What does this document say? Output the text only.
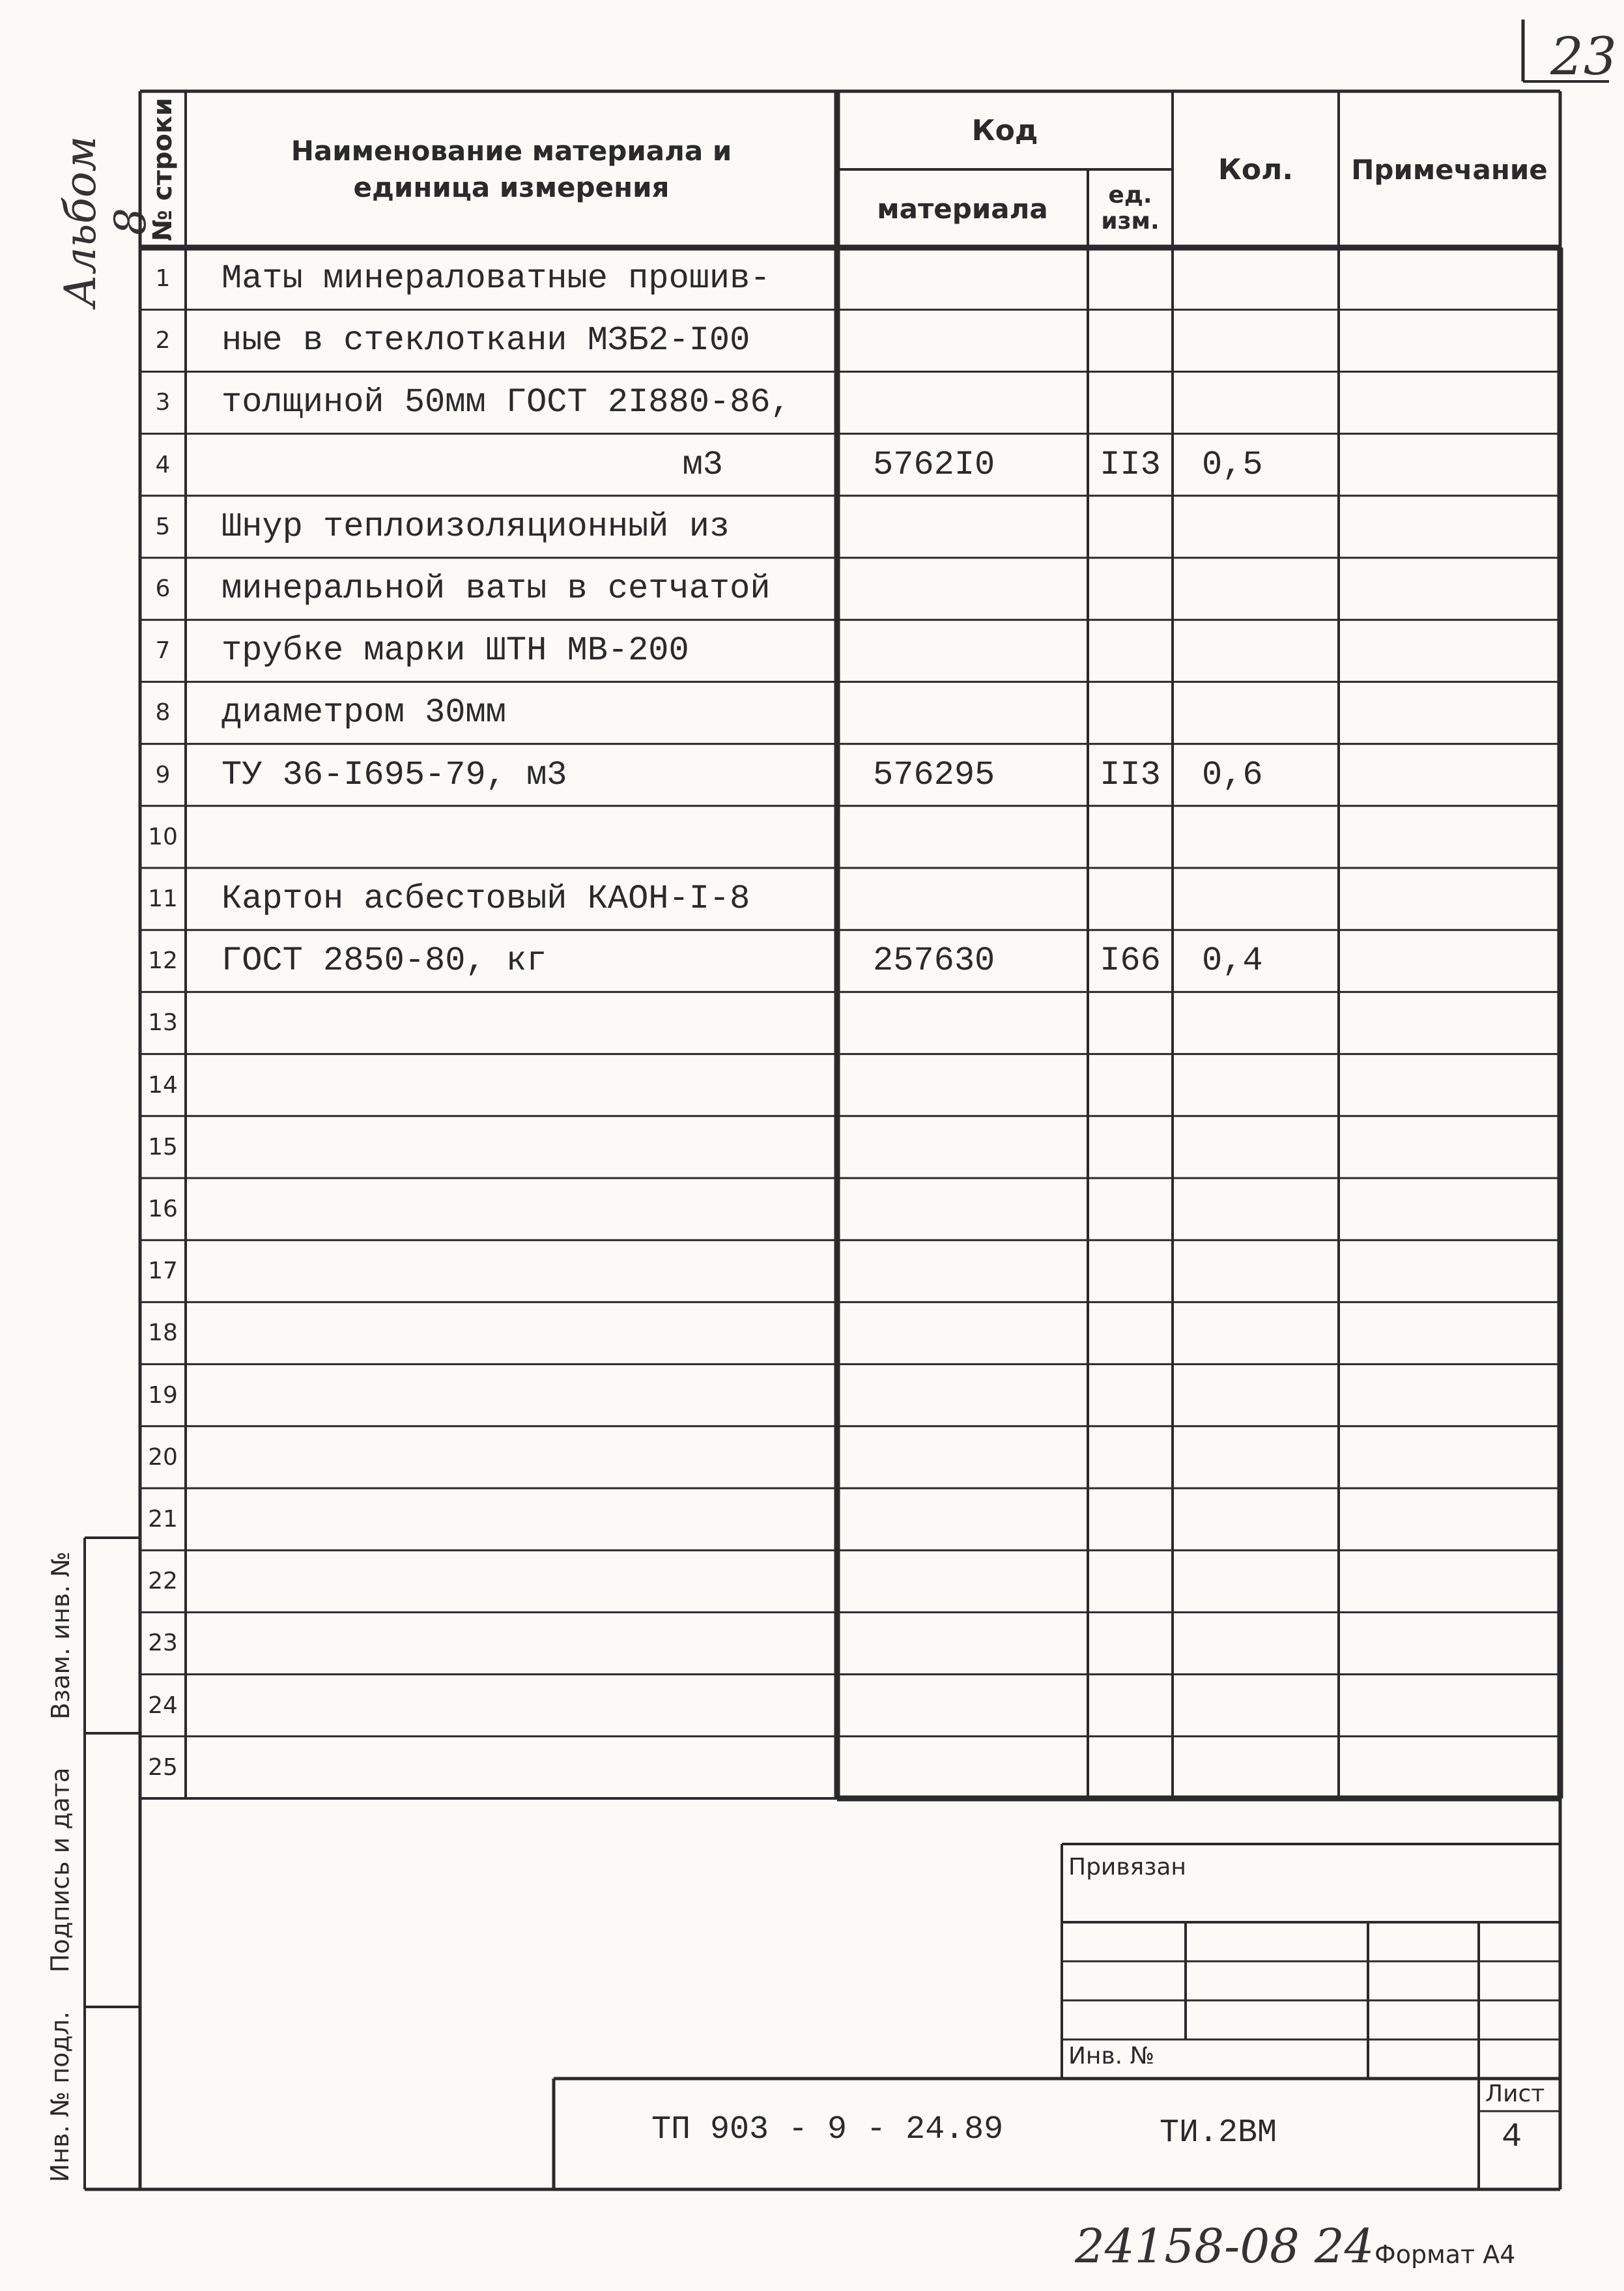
23
Альбом 8
№ строки	Наименование материала и
единица измерения
Код
материала	ед.
изм.
Кол.	Примечание
1	Маты минераловатные прошив-
2	ные в стеклоткани МЗБ2-I00
3	толщиной 50мм ГОСТ 2I880-86,
4	м3	5762I0	II3	0,5
5	Шнур теплоизоляционный из
6	минеральной ваты в сетчатой
7	трубке марки ШТН МВ-200
8	диаметром 30мм
9	ТУ 36-I695-79, м3	576295	II3	0,6
10
11 Картон асбестовый КАОН-I-8
12 ГОСТ 2850-80, кг	257630	I66	0,4
13
14
15
16
17
18
19
20
21
22
23
24
25
Взам. инв. №
Подпись и дата
Инв. № подл.
Привязан
Инв. №
ТП 903 - 9 - 24.89	ТИ.2ВМ
Лист
4
24158-08 24 Формат А4
